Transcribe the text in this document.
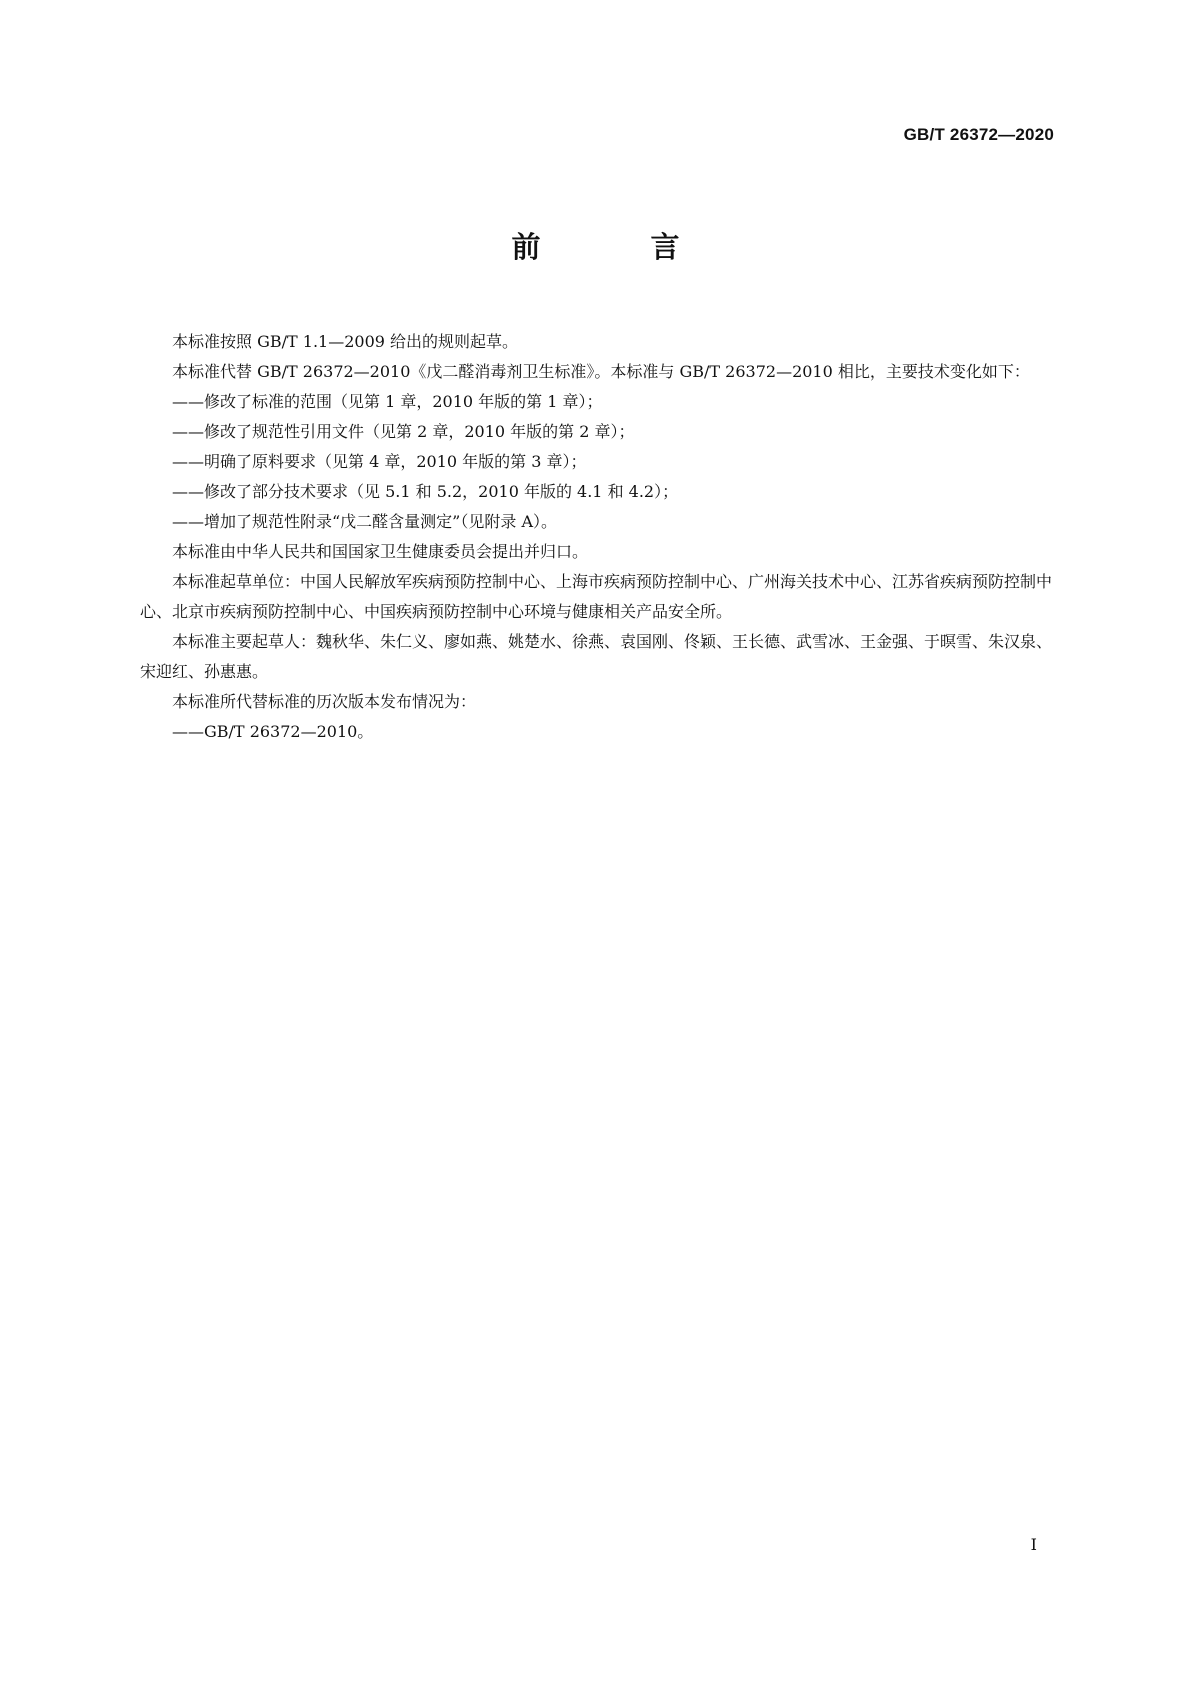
GB/T 26372—2020
前 言

本标准按照 GB/T 1.1—2009 给出的规则起草。

本标准代替 GB/T 26372—2010《戊二醛消毒剂卫生标准》。本标准与 GB/T 26372—2010 相比，主要技术变化如下：

——修改了标准的范围（见第 1 章，2010 年版的第 1 章）；

——修改了规范性引用文件（见第 2 章，2010 年版的第 2 章）；

——明确了原料要求（见第 4 章，2010 年版的第 3 章）；

——修改了部分技术要求（见 5.1 和 5.2，2010 年版的 4.1 和 4.2）；

——增加了规范性附录“戊二醛含量测定”（见附录 A）。

本标准由中华人民共和国国家卫生健康委员会提出并归口。

本标准起草单位：中国人民解放军疾病预防控制中心、上海市疾病预防控制中心、广州海关技术中心、江苏省疾病预防控制中心、北京市疾病预防控制中心、中国疾病预防控制中心环境与健康相关产品安全所。

本标准主要起草人：魏秋华、朱仁义、廖如燕、姚楚水、徐燕、袁国刚、佟颖、王长德、武雪冰、王金强、于暝雪、朱汉泉、宋迎红、孙惠惠。

本标准所代替标准的历次版本发布情况为：

——GB/T 26372—2010。

I
